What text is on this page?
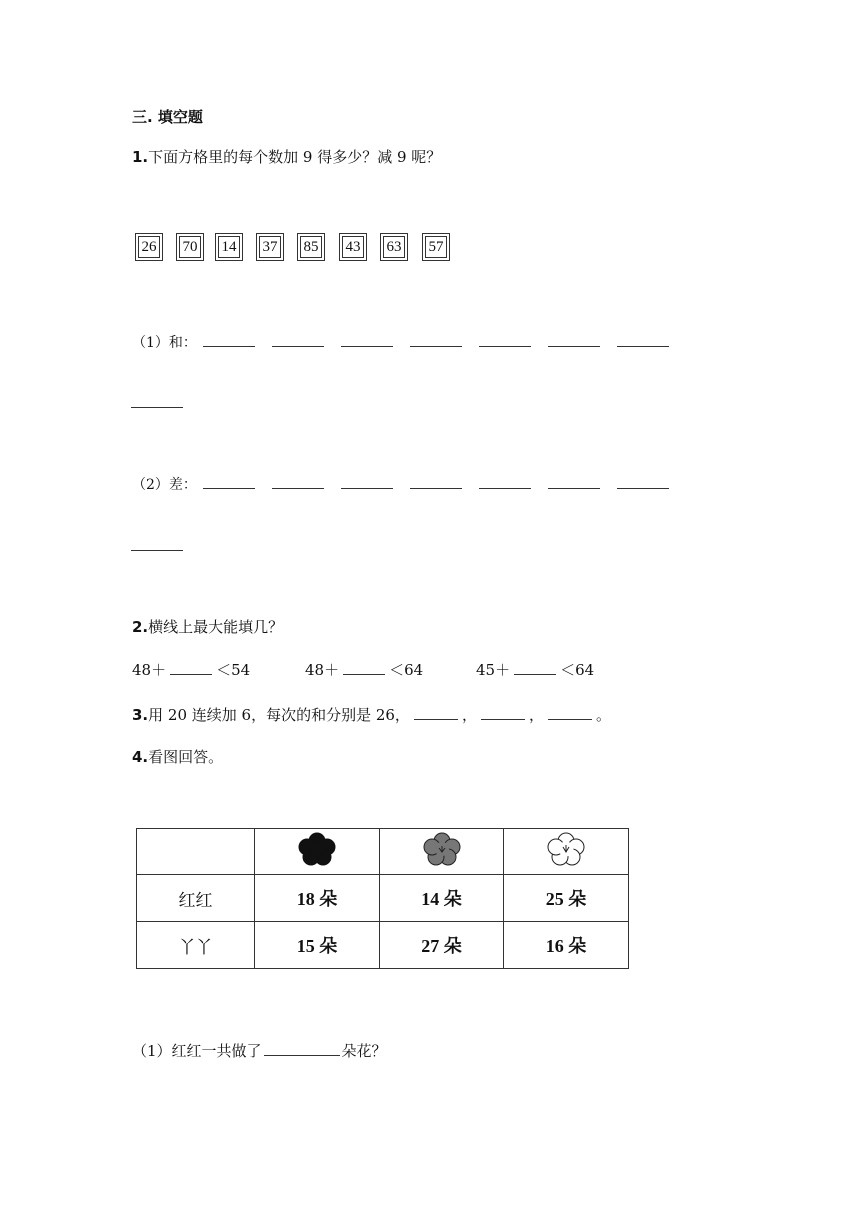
三. 填空题
1.下面方格里的每个数加 9 得多少？减 9 呢？
26 70 14 37 85 43 63 57
（1）和：
（2）差：
2.横线上最大能填几？
48＋	＜54	48＋	＜64	45＋	＜64
3.用 20 连续加 6，每次的和分别是 26，	，	，	。
4.看图回答。

红红	18 朵	14 朵	25 朵
丫丫	15 朵	27 朵	16 朵
（1）红红一共做了	朵花？
